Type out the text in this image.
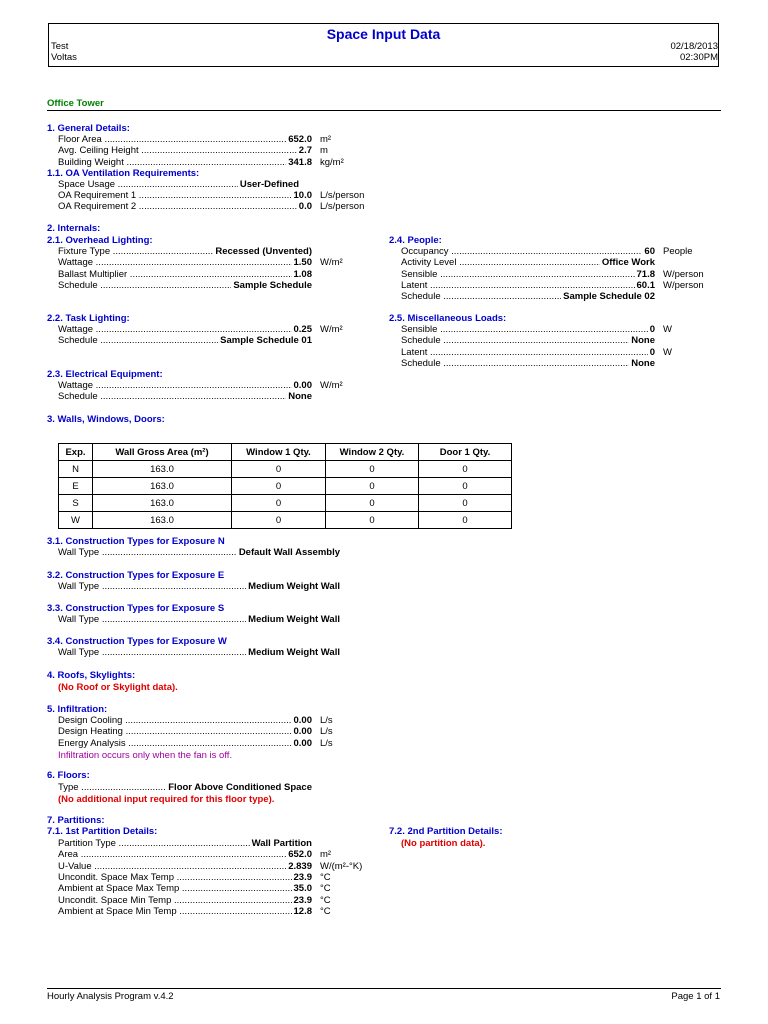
Space Input Data
Test
Voltas
02/18/2013
02:30PM
Office Tower
1. General Details:
Floor Area .....	652.0 m²
Avg. Ceiling Height .....	2.7 m
Building Weight .....	341.8 kg/m²
1.1. OA Ventilation Requirements:
Space Usage .....	User-Defined
OA Requirement 1 .....	10.0 L/s/person
OA Requirement 2 .....	0.0 L/s/person
2. Internals:
2.1. Overhead Lighting:	2.4. People:
2.2. Task Lighting:	2.5. Miscellaneous Loads:
2.3. Electrical Equipment:
Fixture Type .....	Recessed (Unvented)
Wattage .....	1.50 W/m²
Ballast Multiplier .....	1.08
Schedule .....	Sample Schedule
Wattage .....	0.25 W/m²
Schedule .....	Sample Schedule 01
Wattage .....	0.00 W/m²
Schedule .....	None
Occupancy .....	60 People
Activity Level .....	Office Work
Sensible .....	71.8 W/person
Latent .....	60.1 W/person
Schedule .....	Sample Schedule 02
Sensible .....	0 W
Schedule .....	None
Latent .....	0 W
Schedule .....	None
3. Walls, Windows, Doors:
Exp.	Wall Gross Area (m²)	Window 1 Qty.	Window 2 Qty.	Door 1 Qty.
N	163.0	0	0	0
E	163.0	0	0	0
S	163.0	0	0	0
W	163.0	0	0	0
3.1. Construction Types for Exposure N
Wall Type .....	Default Wall Assembly
3.2. Construction Types for Exposure E
Wall Type .....	Medium Weight Wall
3.3. Construction Types for Exposure S
Wall Type .....	Medium Weight Wall
3.4. Construction Types for Exposure W
Wall Type .....	Medium Weight Wall
4. Roofs, Skylights:
(No Roof or Skylight data).
5. Infiltration:
Design Cooling .....	0.00 L/s
Design Heating .....	0.00 L/s
Energy Analysis .....	0.00 L/s
Infiltration occurs only when the fan is off.
6. Floors:
Type .....	Floor Above Conditioned Space
(No additional input required for this floor type).
7. Partitions:
7.1. 1st Partition Details:	7.2. 2nd Partition Details:
(No partition data).
Partition Type .....	Wall Partition
Area .....	652.0 m²
U-Value .....	2.839 W/(m²-°K)
Uncondit. Space Max Temp .....	23.9 °C
Ambient at Space Max Temp .....	35.0 °C
Uncondit. Space Min Temp .....	23.9 °C
Ambient at Space Min Temp .....	12.8 °C
Hourly Analysis Program v.4.2	Page 1 of 1
